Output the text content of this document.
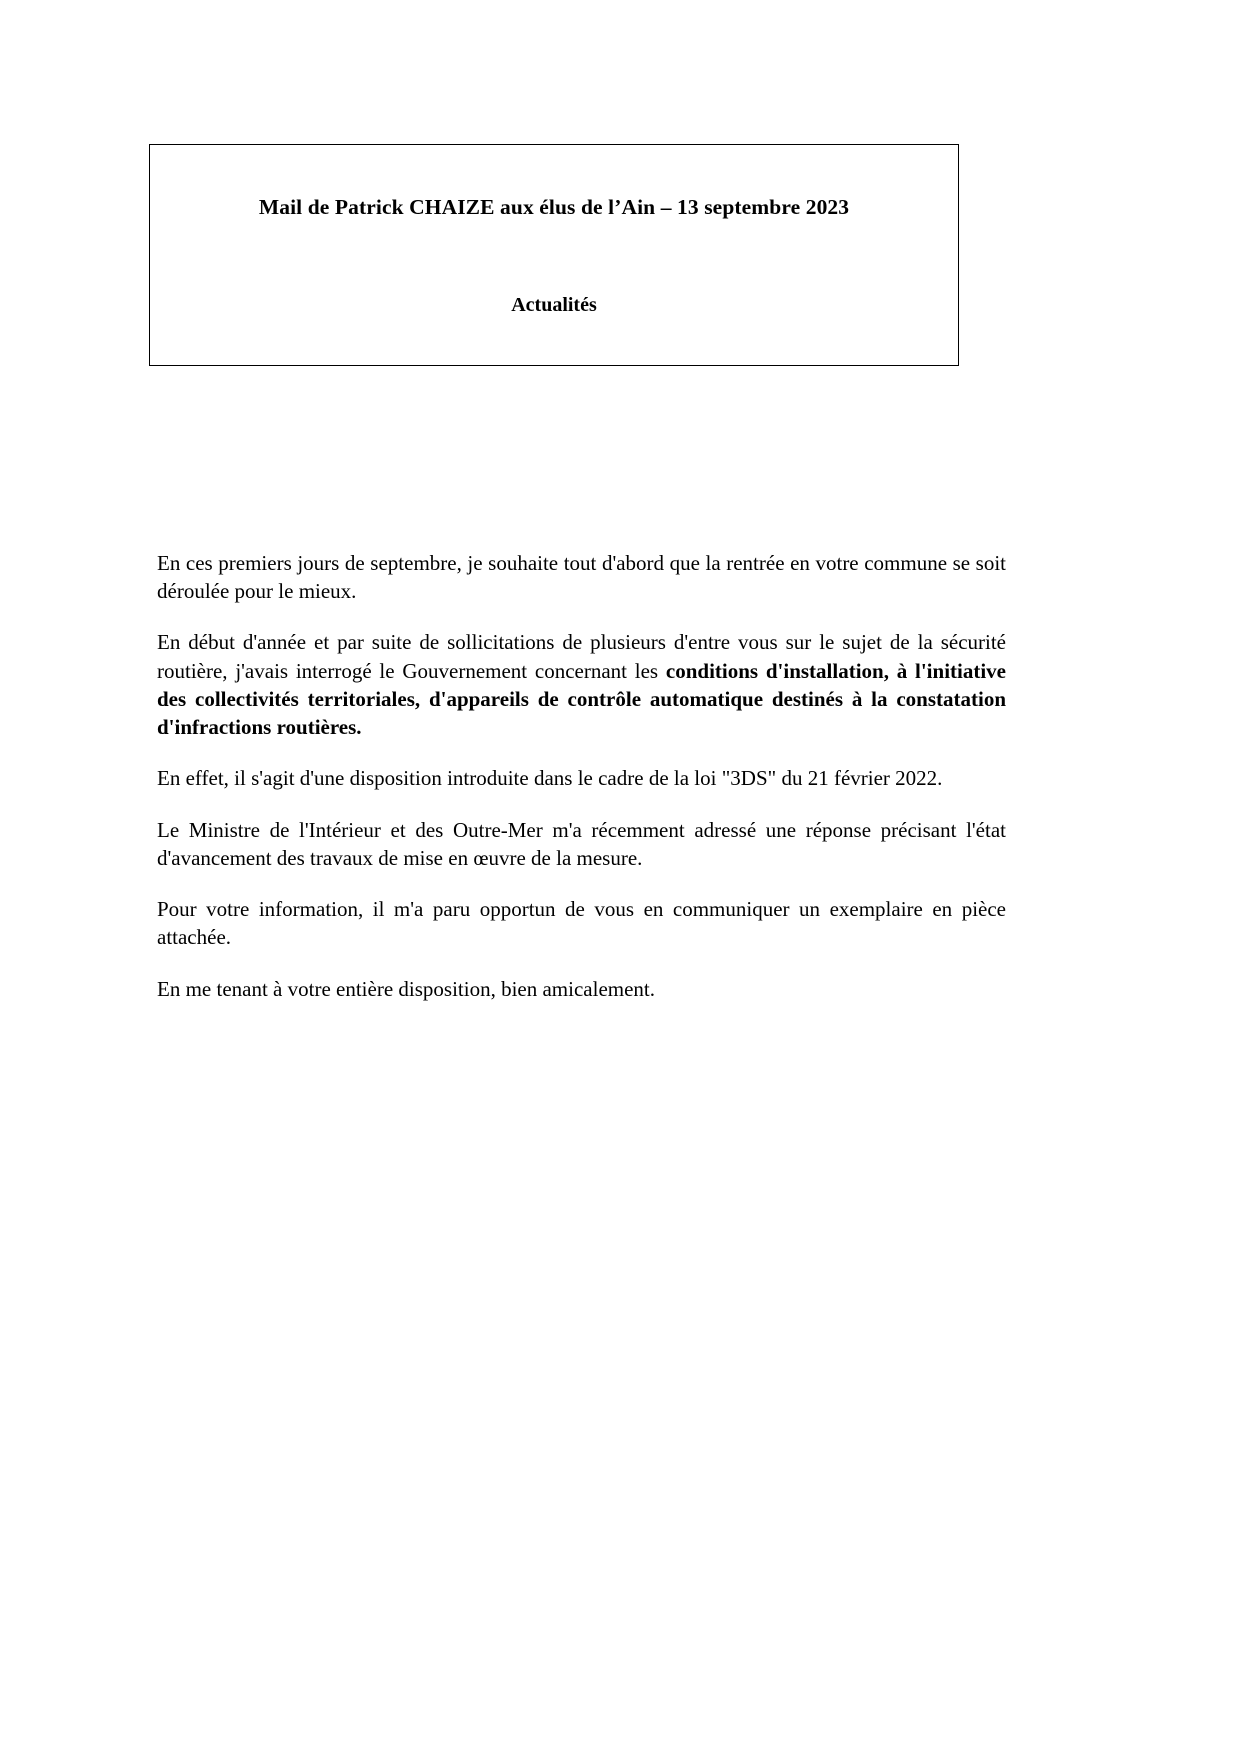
Mail de Patrick CHAIZE aux élus de l’Ain – 13 septembre 2023
Actualités

En ces premiers jours de septembre, je souhaite tout d'abord que la rentrée en votre commune se soit déroulée pour le mieux.

En début d'année et par suite de sollicitations de plusieurs d'entre vous sur le sujet de la sécurité routière, j'avais interrogé le Gouvernement concernant les conditions d'installation, à l'initiative des collectivités territoriales, d'appareils de contrôle automatique destinés à la constatation d'infractions routières.

En effet, il s'agit d'une disposition introduite dans le cadre de la loi "3DS" du 21 février 2022.

Le Ministre de l'Intérieur et des Outre-Mer m'a récemment adressé une réponse précisant l'état d'avancement des travaux de mise en œuvre de la mesure.

Pour votre information, il m'a paru opportun de vous en communiquer un exemplaire en pièce attachée.

En me tenant à votre entière disposition, bien amicalement.
